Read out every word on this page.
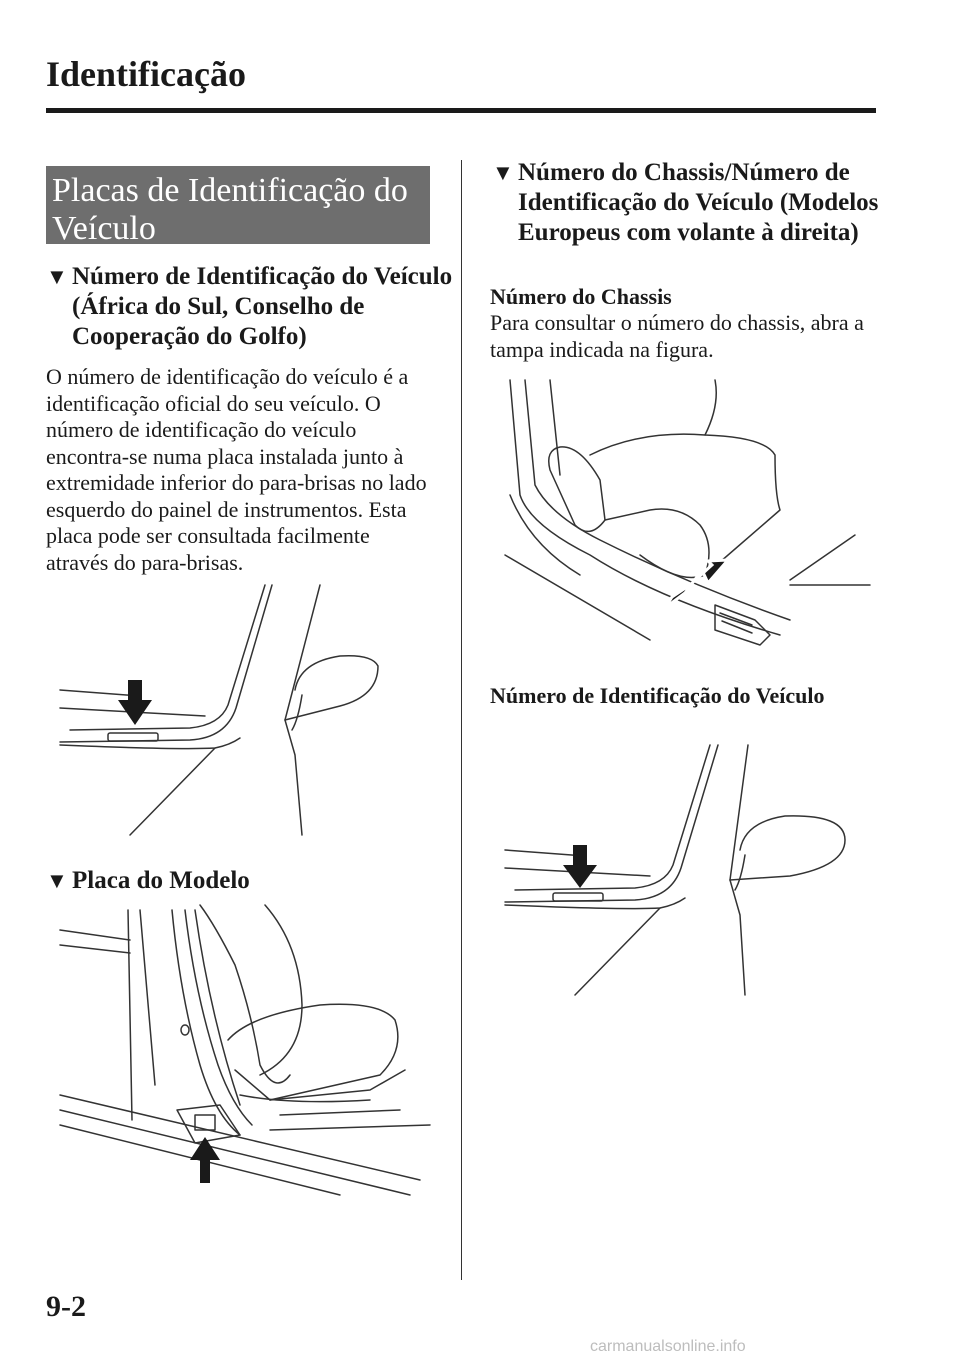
Identificação
Placas de Identificação do Veículo
▼ Número de Identificação do Veículo (África do Sul, Conselho de Cooperação do Golfo)
O número de identificação do veículo é a identificação oficial do seu veículo. O número de identificação do veículo encontra-se numa placa instalada junto à extremidade inferior do para-brisas no lado esquerdo do painel de instrumentos. Esta placa pode ser consultada facilmente através do para-brisas.
▼ Placa do Modelo
▼ Número do Chassis/Número de Identificação do Veículo (Modelos Europeus com volante à direita)
Número do Chassis
Para consultar o número do chassis, abra a tampa indicada na figura.
Número de Identificação do Veículo
9-2
carmanualsonline.info
